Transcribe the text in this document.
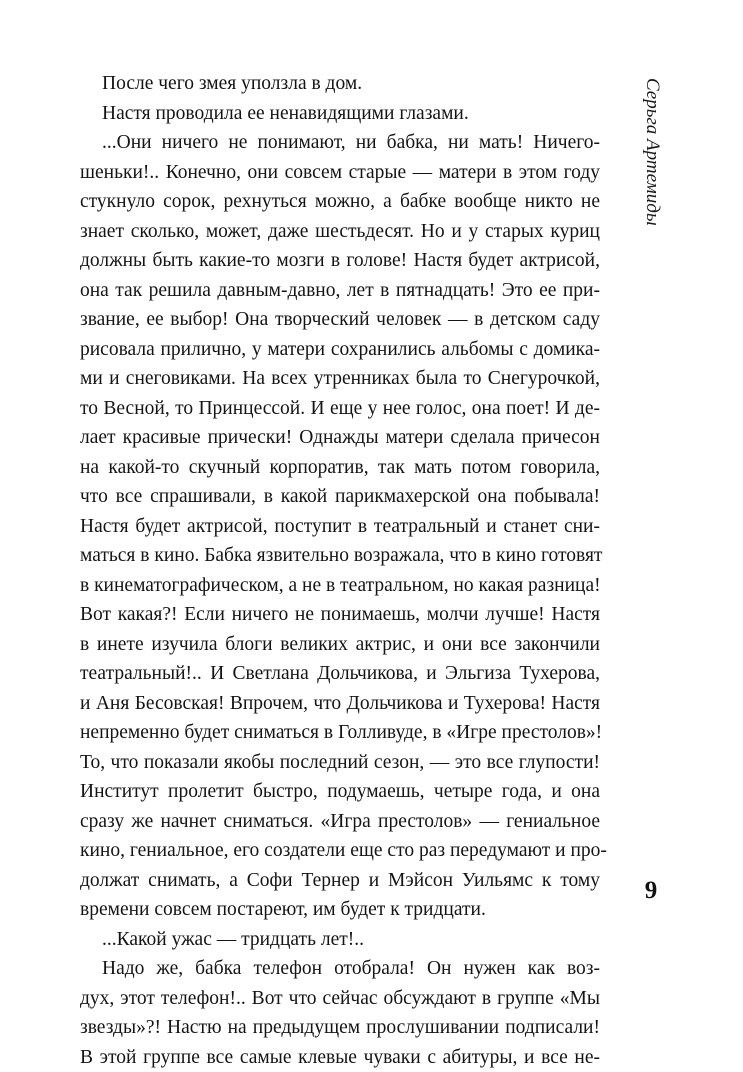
Серьга Артемиды
После чего змея уползла в дом.
Настя проводила ее ненавидящими глазами.
...Они ничего не понимают, ни бабка, ни мать! Ничего-
шеньки!.. Конечно, они совсем старые — матери в этом году
стукнуло сорок, рехнуться можно, а бабке вообще никто не
знает сколько, может, даже шестьдесят. Но и у старых куриц
должны быть какие-то мозги в голове! Настя будет актрисой,
она так решила давным-давно, лет в пятнадцать! Это ее при-
звание, ее выбор! Она творческий человек — в детском саду
рисовала прилично, у матери сохранились альбомы с домика-
ми и снеговиками. На всех утренниках была то Снегурочкой,
то Весной, то Принцессой. И еще у нее голос, она поет! И де-
лает красивые прически! Однажды матери сделала причесон
на какой-то скучный корпоратив, так мать потом говорила,
что все спрашивали, в какой парикмахерской она побывала!
Настя будет актрисой, поступит в театральный и станет сни-
маться в кино. Бабка язвительно возражала, что в кино готовят
в кинематографическом, а не в театральном, но какая разница!
Вот какая?! Если ничего не понимаешь, молчи лучше! Настя
в инете изучила блоги великих актрис, и они все закончили
театральный!.. И Светлана Дольчикова, и Эльгиза Тухерова,
и Аня Бесовская! Впрочем, что Дольчикова и Тухерова! Настя
непременно будет сниматься в Голливуде, в «Игре престолов»!
То, что показали якобы последний сезон, — это все глупости!
Институт пролетит быстро, подумаешь, четыре года, и она
сразу же начнет сниматься. «Игра престолов» — гениальное
кино, гениальное, его создатели еще сто раз передумают и про-
должат снимать, а Софи Тернер и Мэйсон Уильямс к тому
времени совсем постареют, им будет к тридцати.
...Какой ужас — тридцать лет!..
Надо же, бабка телефон отобрала! Он нужен как воз-
дух, этот телефон!.. Вот что сейчас обсуждают в группе «Мы
звезды»?! Настю на предыдущем прослушивании подписали!
В этой группе все самые клевые чуваки с абитуры, и все не-
9
